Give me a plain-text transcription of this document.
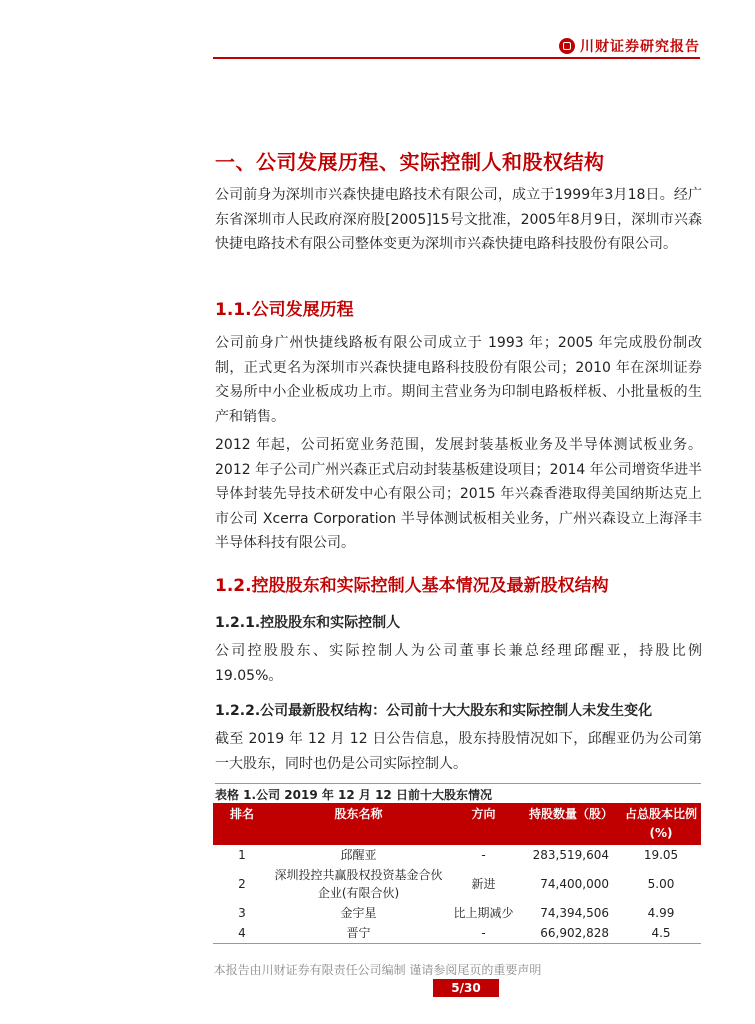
川财证券研究报告
一、公司发展历程、实际控制人和股权结构

公司前身为深圳市兴森快捷电路技术有限公司，成立于1999年3月18日。经广东省深圳市人民政府深府股[2005]15号文批准，2005年8月9日，深圳市兴森快捷电路技术有限公司整体变更为深圳市兴森快捷电路科技股份有限公司。

1.1.公司发展历程

公司前身广州快捷线路板有限公司成立于 1993 年；2005 年完成股份制改制，正式更名为深圳市兴森快捷电路科技股份有限公司；2010 年在深圳证券交易所中小企业板成功上市。期间主营业务为印制电路板样板、小批量板的生产和销售。

2012 年起，公司拓宽业务范围，发展封装基板业务及半导体测试板业务。2012 年子公司广州兴森正式启动封装基板建设项目；2014 年公司增资华进半导体封装先导技术研发中心有限公司；2015 年兴森香港取得美国纳斯达克上市公司 Xcerra Corporation 半导体测试板相关业务，广州兴森设立上海泽丰半导体科技有限公司。

1.2.控股股东和实际控制人基本情况及最新股权结构
1.2.1.控股股东和实际控制人

公司控股股东、实际控制人为公司董事长兼总经理邱醒亚，持股比例19.05%。

1.2.2.公司最新股权结构：公司前十大大股东和实际控制人未发生变化

截至 2019 年 12 月 12 日公告信息，股东持股情况如下，邱醒亚仍为公司第一大股东，同时也仍是公司实际控制人。

表格 1.公司 2019 年 12 月 12 日前十大股东情况
排名	股东名称	方向	持股数量（股）	占总股本比例(%)
1	邱醒亚	-	283,519,604	19.05
2	深圳投控共赢股权投资基金合伙企业(有限合伙)	新进	74,400,000	5.00
3	金宇星	比上期减少	74,394,506	4.99
4	晋宁	-	66,902,828	4.5
本报告由川财证券有限责任公司编制 谨请参阅尾页的重要声明
5/30
